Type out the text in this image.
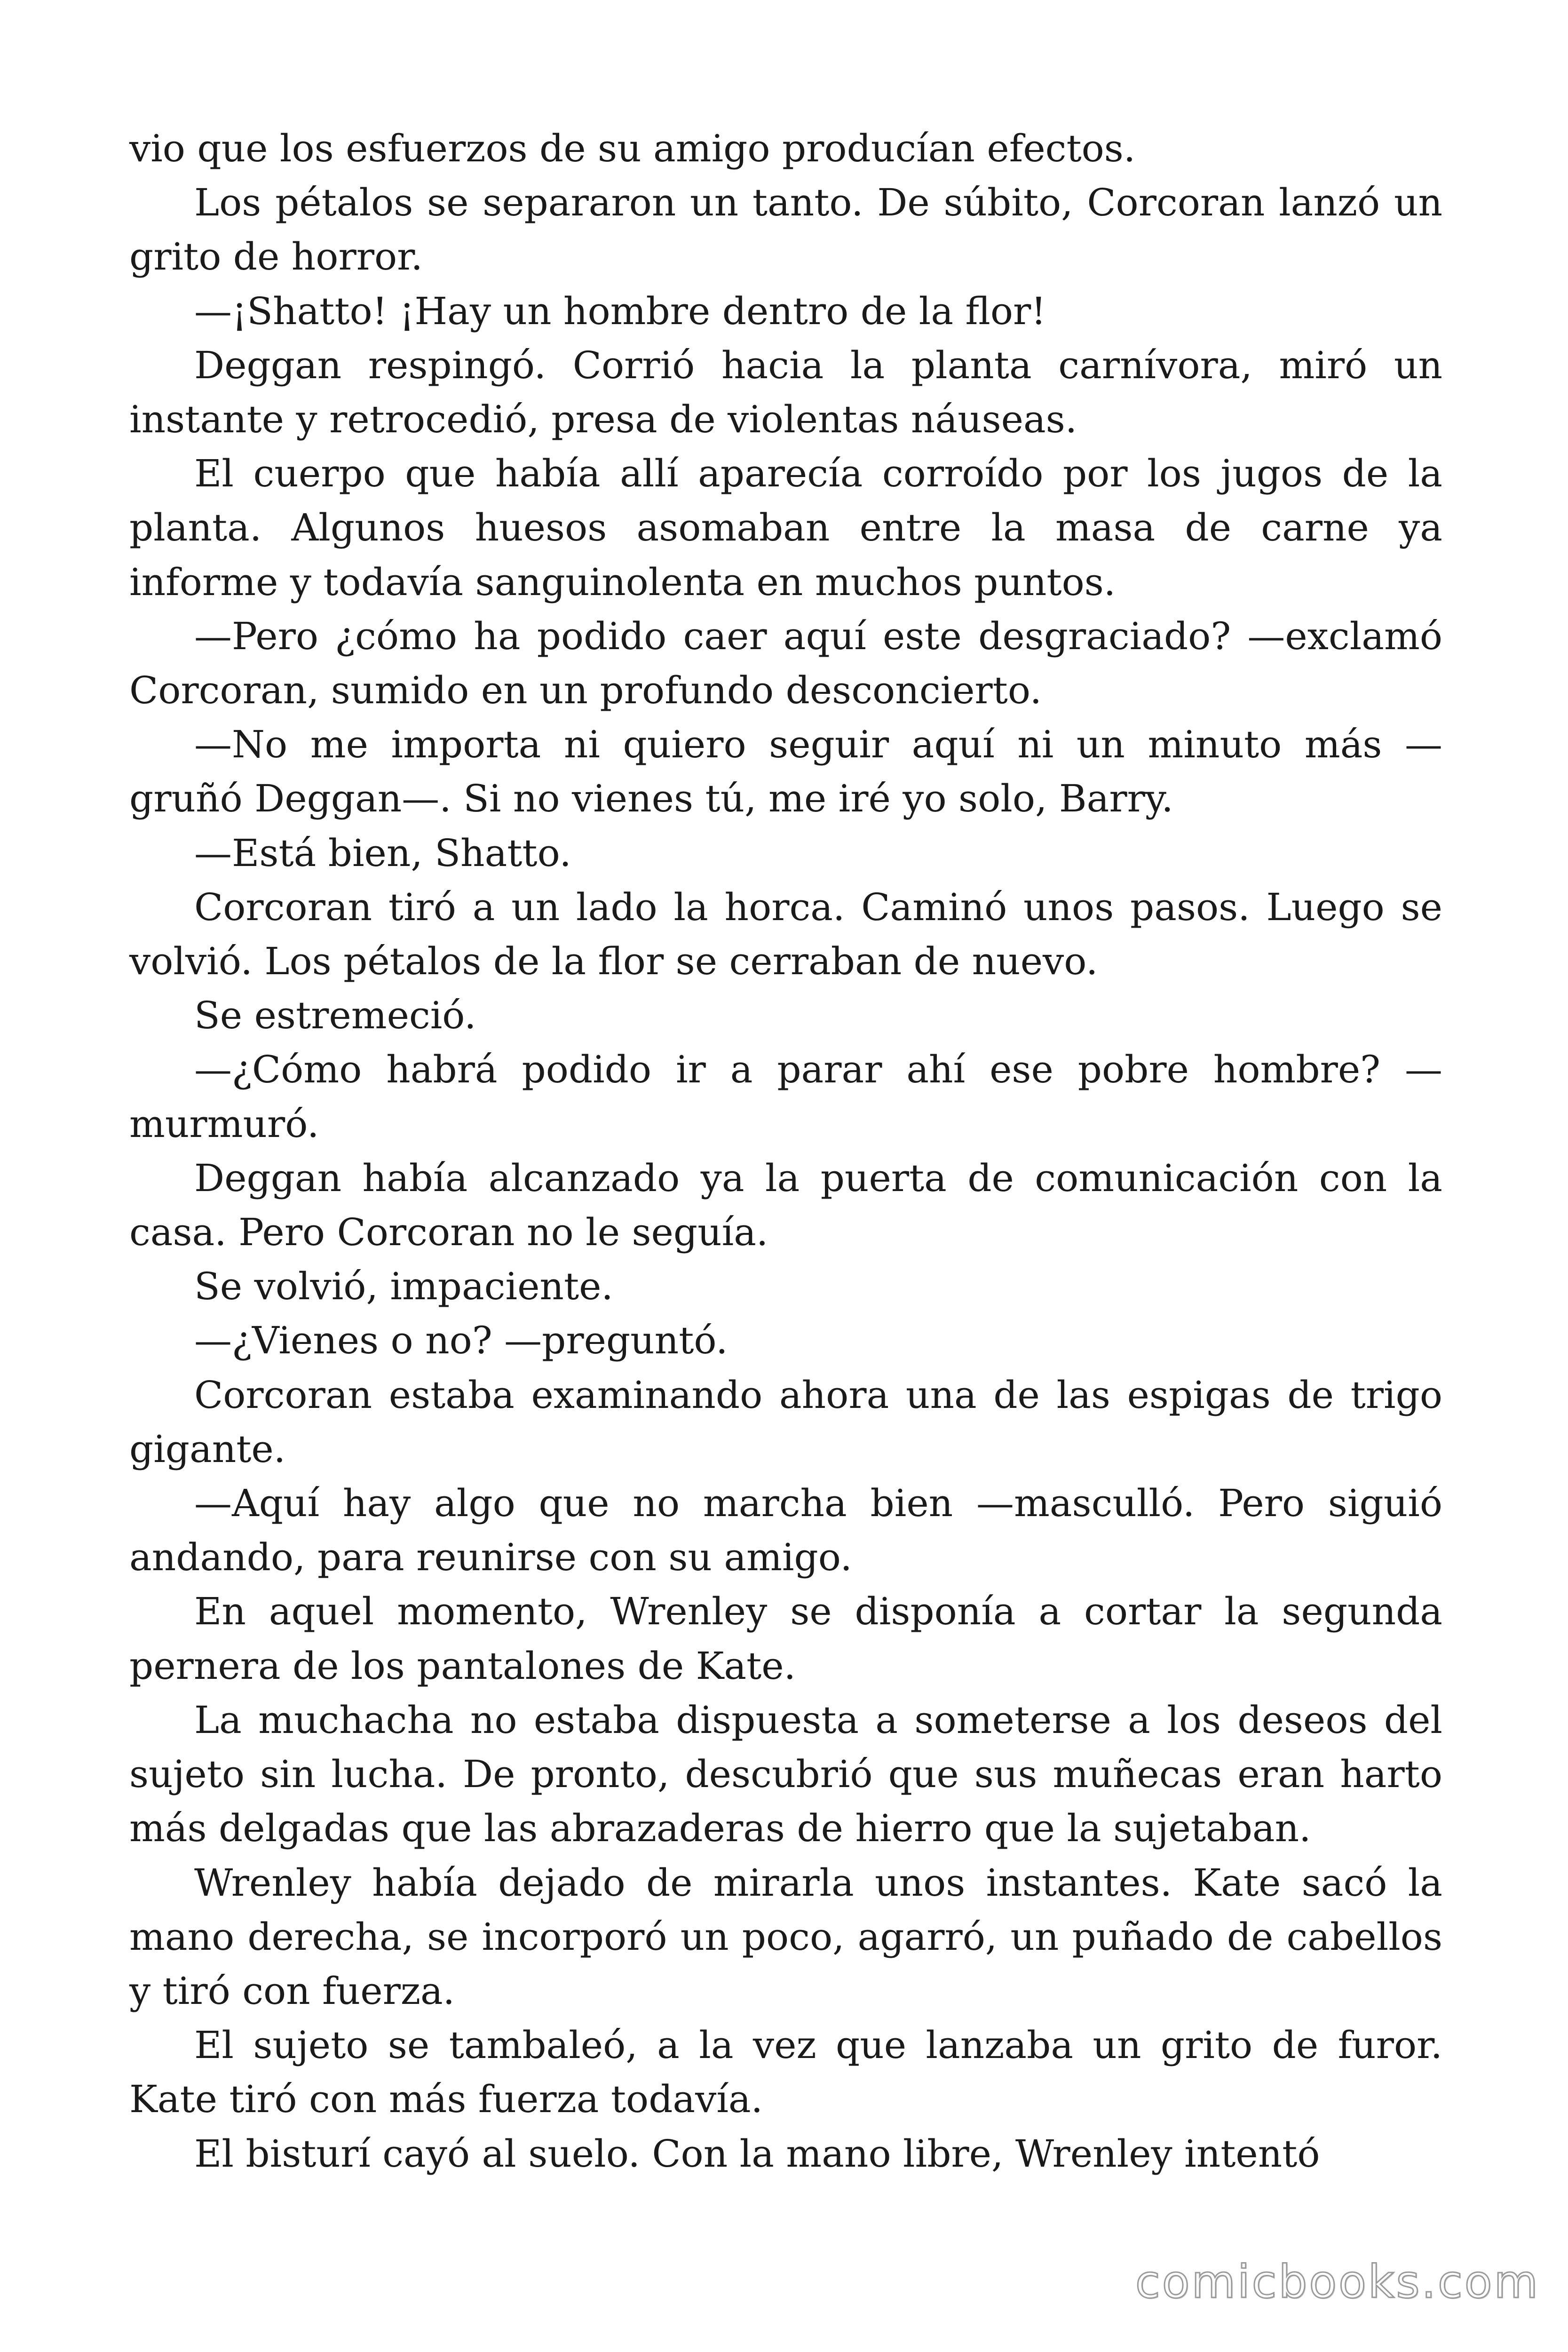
vio que los esfuerzos de su amigo producían efectos.

Los pétalos se separaron un tanto. De súbito, Corcoran lanzó un grito de horror.

—¡Shatto! ¡Hay un hombre dentro de la flor!

Deggan respingó. Corrió hacia la planta carnívora, miró un instante y retrocedió, presa de violentas náuseas.

El cuerpo que había allí aparecía corroído por los jugos de la planta. Algunos huesos asomaban entre la masa de carne ya informe y todavía sanguinolenta en muchos puntos.

—Pero ¿cómo ha podido caer aquí este desgraciado? —exclamó Corcoran, sumido en un profundo desconcierto.

—No me importa ni quiero seguir aquí ni un minuto más — gruñó Deggan—. Si no vienes tú, me iré yo solo, Barry.

—Está bien, Shatto.

Corcoran tiró a un lado la horca. Caminó unos pasos. Luego se volvió. Los pétalos de la flor se cerraban de nuevo.

Se estremeció.

—¿Cómo habrá podido ir a parar ahí ese pobre hombre? — murmuró.

Deggan había alcanzado ya la puerta de comunicación con la casa. Pero Corcoran no le seguía.

Se volvió, impaciente.

—¿Vienes o no? —preguntó.

Corcoran estaba examinando ahora una de las espigas de trigo gigante.

—Aquí hay algo que no marcha bien —masculló. Pero siguió andando, para reunirse con su amigo.

En aquel momento, Wrenley se disponía a cortar la segunda pernera de los pantalones de Kate.

La muchacha no estaba dispuesta a someterse a los deseos del sujeto sin lucha. De pronto, descubrió que sus muñecas eran harto más delgadas que las abrazaderas de hierro que la sujetaban.

Wrenley había dejado de mirarla unos instantes. Kate sacó la mano derecha, se incorporó un poco, agarró, un puñado de cabellos y tiró con fuerza.

El sujeto se tambaleó, a la vez que lanzaba un grito de furor. Kate tiró con más fuerza todavía.

El bisturí cayó al suelo. Con la mano libre, Wrenley intentó

comicbooks.com
